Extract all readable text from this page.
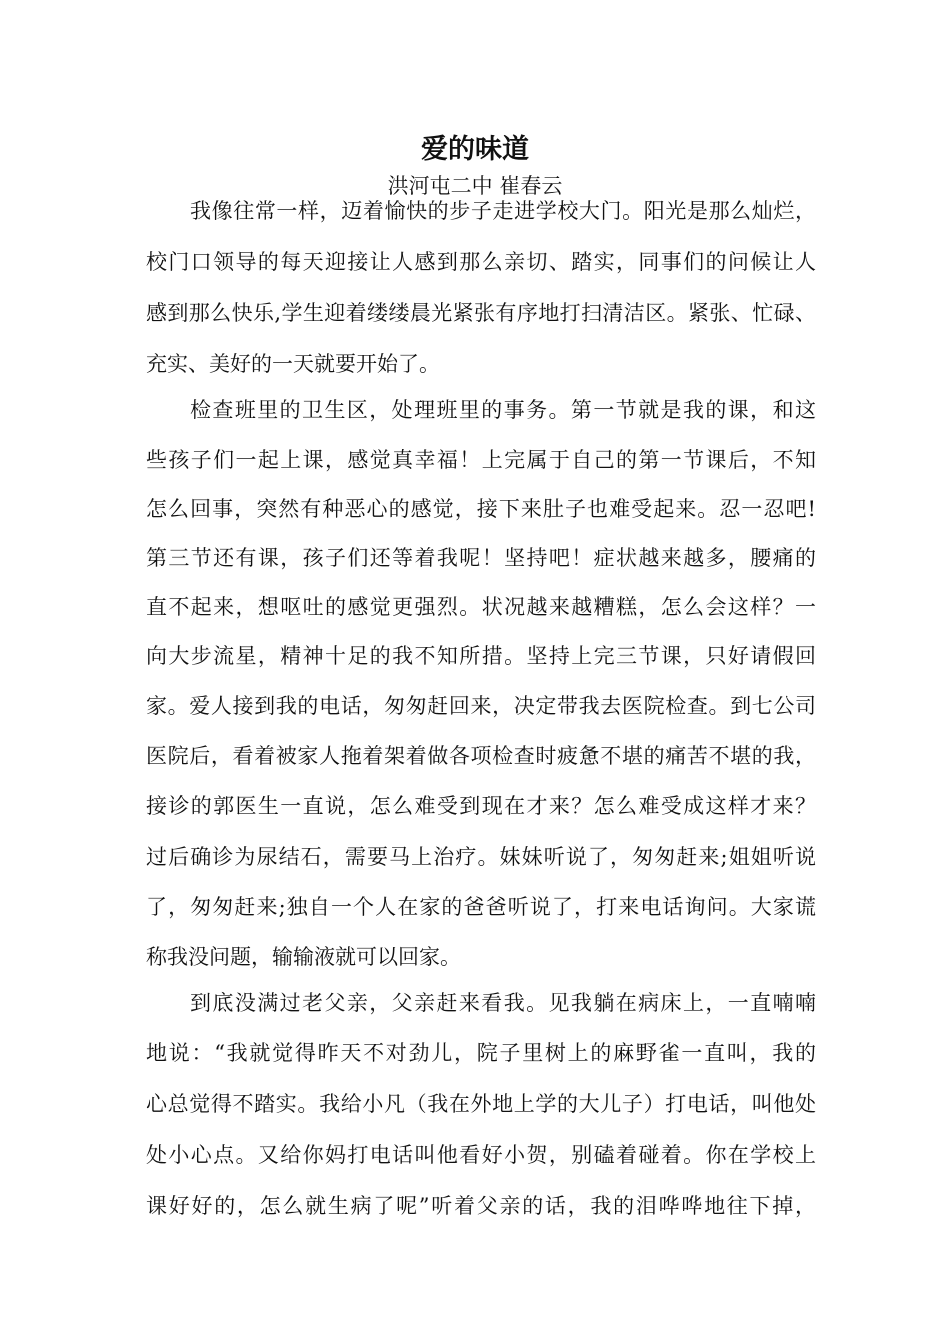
爱的味道
洪河屯二中 崔春云
我像往常一样，迈着愉快的步子走进学校大门。阳光是那么灿烂，
校门口领导的每天迎接让人感到那么亲切、踏实，同事们的问候让人
感到那么快乐,学生迎着缕缕晨光紧张有序地打扫清洁区。紧张、忙碌、
充实、美好的一天就要开始了。
检查班里的卫生区，处理班里的事务。第一节就是我的课，和这
些孩子们一起上课，感觉真幸福！上完属于自己的第一节课后，不知
怎么回事，突然有种恶心的感觉，接下来肚子也难受起来。忍一忍吧!
第三节还有课，孩子们还等着我呢！坚持吧！症状越来越多，腰痛的
直不起来，想呕吐的感觉更强烈。状况越来越糟糕，怎么会这样？一
向大步流星，精神十足的我不知所措。坚持上完三节课，只好请假回
家。爱人接到我的电话，匆匆赶回来，决定带我去医院检查。到七公司
医院后，看着被家人拖着架着做各项检查时疲惫不堪的痛苦不堪的我，
接诊的郭医生一直说，怎么难受到现在才来？怎么难受成这样才来？
过后确诊为尿结石，需要马上治疗。妹妹听说了，匆匆赶来;姐姐听说
了，匆匆赶来;独自一个人在家的爸爸听说了，打来电话询问。大家谎
称我没问题，输输液就可以回家。
到底没满过老父亲，父亲赶来看我。见我躺在病床上，一直喃喃
地说：“我就觉得昨天不对劲儿，院子里树上的麻野雀一直叫，我的
心总觉得不踏实。我给小凡（我在外地上学的大儿子）打电话，叫他处
处小心点。又给你妈打电话叫他看好小贺，别磕着碰着。你在学校上
课好好的，怎么就生病了呢”听着父亲的话，我的泪哗哗地往下掉，
